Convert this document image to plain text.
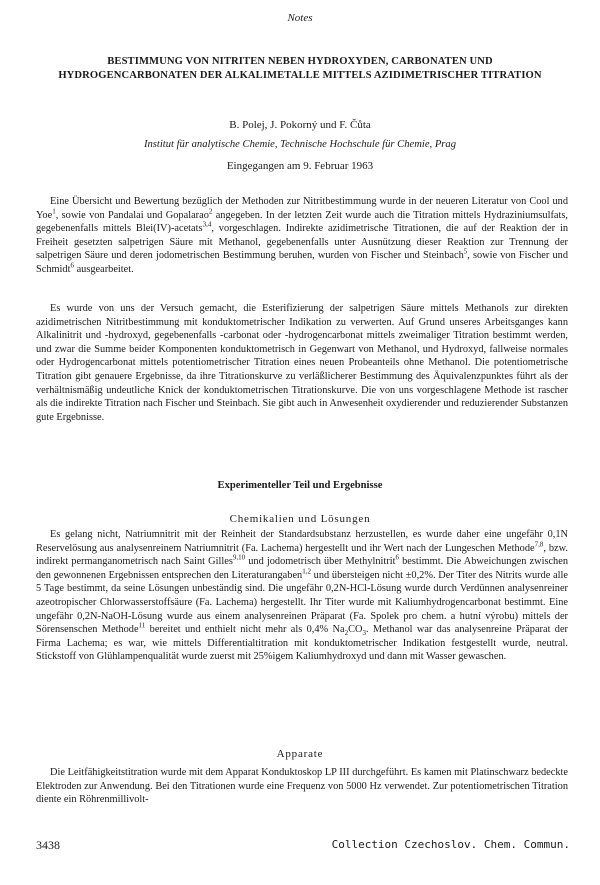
Notes
BESTIMMUNG VON NITRITEN NEBEN HYDROXYDEN, CARBONATEN UND HYDROGENCARBONATEN DER ALKALIMETALLE MITTELS AZIDIMETRISCHER TITRATION
B. Polej, J. Pokorný und F. Čůta
Institut für analytische Chemie, Technische Hochschule für Chemie, Prag
Eingegangen am 9. Februar 1963

Eine Übersicht und Bewertung bezüglich der Methoden zur Nitritbestimmung wurde in der neueren Literatur von Cool und Yoe$^1$, sowie von Pandalai und Gopalarao$^2$ angegeben. In der letzten Zeit wurde auch die Titration mittels Hydraziniumsulfats, gegebenenfalls mittels Blei(IV)-acetats$^{3,4}$, vorgeschlagen. Indirekte azidimetrische Titrationen, die auf der Reaktion der in Freiheit gesetzten salpetrigen Säure mit Methanol, gegebenenfalls unter Ausnützung dieser Reaktion zur Trennung der salpetrigen Säure und deren jodometrischen Bestimmung beruhen, wurden von Fischer und Steinbach$^5$, sowie von Fischer und Schmidt$^6$ ausgearbeitet.

Es wurde von uns der Versuch gemacht, die Esterifizierung der salpetrigen Säure mittels Methanols zur direkten azidimetrischen Nitritbestimmung mit konduktometrischer Indikation zu verwerten. Auf Grund unseres Arbeitsganges kann Alkalinitrit und -hydroxyd, gegebenenfalls -carbonat oder -hydrogencarbonat mittels zweimaliger Titration bestimmt werden, und zwar die Summe beider Komponenten konduktometrisch in Gegenwart von Methanol, und Hydroxyd, fallweise normales oder Hydrogencarbonat mittels potentiometrischer Titration eines neuen Probeanteils ohne Methanol. Die potentiometrische Titration gibt genauere Ergebnisse, da ihre Titrationskurve zu verläßlicherer Bestimmung des Äquivalenzpunktes führt als der verhältnismäßig undeutliche Knick der konduktometrischen Titrationskurve. Die von uns vorgeschlagene Methode ist rascher als die indirekte Titration nach Fischer und Steinbach. Sie gibt auch in Anwesenheit oxydierender und reduzierender Substanzen gute Ergebnisse.

Experimenteller Teil und Ergebnisse
Chemikalien und Lösungen

Es gelang nicht, Natriumnitrit mit der Reinheit der Standardsubstanz herzustellen, es wurde daher eine ungefähr 0,1N Reservelösung aus analysenreinem Natriumnitrit (Fa. Lachema) hergestellt und ihr Wert nach der Lungeschen Methode$^{7,8}$, bzw. indirekt permanganometrisch nach Saint Gilles$^{9,10}$ und jodometrisch über Methylnitrit$^6$ bestimmt. Die Abweichungen zwischen den gewonnenen Ergebnissen entsprechen den Literaturangaben$^{1,2}$ und übersteigen nicht ±0,2%. Der Titer des Nitrits wurde alle 5 Tage bestimmt, da seine Lösungen unbeständig sind. Die ungefähr 0,2N-HCl-Lösung wurde durch Verdünnen analysenreiner azeotropischer Chlorwasserstoffsäure (Fa. Lachema) hergestellt. Ihr Titer wurde mit Kaliumhydrogencarbonat bestimmt. Eine ungefähr 0,2N-NaOH-Lösung wurde aus einem analysenreinen Präparat (Fa. Spolek pro chem. a hutní výrobu) mittels der Sörensenschen Methode$^{11}$ bereitet und enthielt nicht mehr als 0,4% $Na_2CO_3$. Methanol war das analysenreine Präparat der Firma Lachema; es war, wie mittels Differentialtitration mit konduktometrischer Indikation festgestellt wurde, neutral. Stickstoff von Glühlampenqualität wurde zuerst mit 25%igem Kaliumhydroxyd und dann mit Wasser gewaschen.

Apparate

Die Leitfähigkeitstitration wurde mit dem Apparat Konduktoskop LP III durchgeführt. Es kamen mit Platinschwarz bedeckte Elektroden zur Anwendung. Bei den Titrationen wurde eine Frequenz von 5000 Hz verwendet. Zur potentiometrischen Titration diente ein Röhrenmillivolt-

3438	Collection Czechoslov. Chem. Commun.
